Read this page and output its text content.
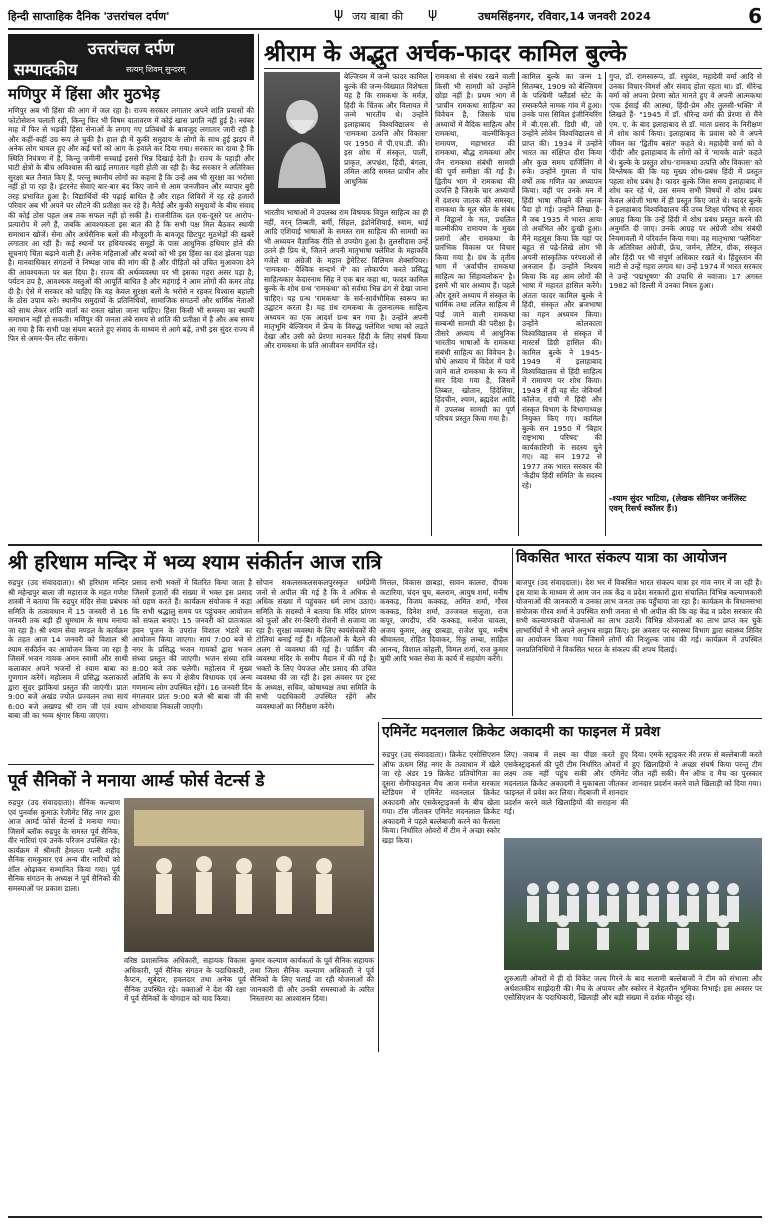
हिन्दी साप्ताहिक दैनिक 'उत्तरांचल दर्पण'	ψ जय बाबा की ψ	उधमसिंहनगर, रविवार,14 जनवरी 2024	6
उत्तरांचल दर्पण
सम्पादकीय	सत्यम् शिवम् सुन्दरम्
मणिपुर में हिंसा और मुठभेड़

मणिपुर अब भी हिंसा की आग में जल रहा है। राज्य सरकार लगातार अपने शांति प्रयासों की फोटोसेशन चलाती रही, किन्तु फिर भी विषम वातावरण में कोई खास प्रगति नहीं हुई है। नवंबर माह में फिर से भड़की हिंसा सेनाओं के लगाए गए प्रतिबंधों के बावजूद लगातार जारी रही है और कहीं-कहीं उग्र रूप ले चुकी है। हाल ही में कुकी समुदाय के लोगों के साथ हुई झड़प में अनेक लोग घायल हुए और कई घरों को आग के हवाले कर दिया गया। सरकार का दावा है कि स्थिति नियंत्रण में है, किन्तु जमीनी सच्चाई इससे भिन्न दिखाई देती है। राज्य के पहाड़ी और घाटी क्षेत्रों के बीच अविश्वास की खाई लगातार गहरी होती जा रही है। केंद्र सरकार ने अतिरिक्त सुरक्षा बल तैनात किए हैं, परन्तु स्थानीय लोगों का कहना है कि उन्हें अब भी सुरक्षा का भरोसा नहीं हो पा रहा है। इंटरनेट सेवाएं बार-बार बंद किए जाने से आम जनजीवन और व्यापार बुरी तरह प्रभावित हुआ है। विद्यार्थियों की पढ़ाई बाधित है और राहत शिविरों में रह रहे हजारों परिवार अब भी अपने घर लौटने की प्रतीक्षा कर रहे हैं। मैतेई और कुकी समुदायों के बीच संवाद की कोई ठोस पहल अब तक सफल नहीं हो सकी है। राजनीतिक दल एक-दूसरे पर आरोप-प्रत्यारोप में लगे हैं, जबकि आवश्यकता इस बात की है कि सभी पक्ष मिल बैठकर स्थायी समाधान खोजें। सेना और अर्धसैनिक बलों की मौजूदगी के बावजूद छिटपुट मुठभेड़ों की खबरें लगातार आ रही हैं। कई स्थानों पर हथियारबंद समूहों के पास आधुनिक हथियार होने की सूचनाएं चिंता बढ़ाने वाली हैं। अनेक महिलाओं और बच्चों को भी इस हिंसा का दंश झेलना पड़ा है। मानवाधिकार संगठनों ने निष्पक्ष जांच की मांग की है और पीड़ितों को उचित मुआवजा देने की आवश्यकता पर बल दिया है। राज्य की अर्थव्यवस्था पर भी इसका गहरा असर पड़ा है; पर्यटन ठप है, आवश्यक वस्तुओं की आपूर्ति बाधित है और महंगाई ने आम लोगों की कमर तोड़ दी है। ऐसे में सरकार को चाहिए कि वह केवल सुरक्षा बलों के भरोसे न रहकर विश्वास बहाली के ठोस उपाय करे। स्थानीय समुदायों के प्रतिनिधियों, सामाजिक संगठनों और धार्मिक नेताओं को साथ लेकर शांति वार्ता का रास्ता खोला जाना चाहिए। हिंसा किसी भी समस्या का स्थायी समाधान नहीं हो सकती। मणिपुर की जनता लंबे समय से शांति की प्रतीक्षा में है और अब समय आ गया है कि सभी पक्ष संयम बरतते हुए संवाद के माध्यम से आगे बढ़ें, तभी इस सुंदर राज्य में फिर से अमन-चैन लौट सकेगा।

श्रीराम के अद्भुत अर्चक-फादर कामिल बुल्के

बेल्जियम में जन्मे फादर कामिल बुल्के की जन्म-विख्यात विशेषता यह है कि रामकथा के मर्मज्ञ, हिंदी के चिंतक और विलायत में जन्मे भारतीय थे। उन्होंने इलाहाबाद विश्वविद्यालय से 'रामकथा उत्पत्ति और विकास' पर 1950 में पी.एच.डी. की। इस शोध में संस्कृत, पाली, प्राकृत, अपभ्रंश, हिंदी, बंगला, तमिल आदि समस्त प्राचीन और आधुनिक

भारतीय भाषाओं में उपलब्ध राम विषयक विपुल साहित्य का ही नहीं, वरन् तिब्बती, बर्मी, सिंहल, इंडोनेशियाई, स्याम, थाई आदि एशियाई भाषाओं के समस्त राम साहित्य की सामग्री का भी अध्ययन वैज्ञानिक रीति से उपयोग हुआ है। तुलसीदास उन्हें उतने ही प्रिय थे, जितने अपनी मातृभाषा फ्लेमिश के महाकवि गजेले या अंग्रेजी के महान ड्रेमेटिस्ट विलियम शेक्सपियर। 'रामकथा- वैश्विक सन्दर्भ में' का लोकार्पण करते प्रसिद्ध साहित्यकार केदारनाथ सिंह ने एक बार कहा था, फादर कामिल बुल्के के शोध ग्रन्थ 'रामकथा' को सर्वथा भिन्न ढंग से देखा जाना चाहिए। यह ग्रन्थ 'रामकथा' के सर्व-सार्वभौमिक स्वरूप का उद्घाटन करता है। यह ग्रंथ रामकथा के तुलनात्मक साहित्य अध्ययन का एक आदर्श ग्रन्थ बन गया है। उन्होंने अपनी मातृभूमि बेल्जियम में फ्रेंच के विरुद्ध फ्लेमिश भाषा को लड़ते देखा और उसी को प्रेरणा मानकर हिंदी के लिए संघर्ष किया और रामकथा के प्रति आजीवन समर्पित रहे।

रामकथा से संबंध रखने वाली किसी भी सामग्री को उन्होंने छोड़ा नहीं है। प्रथम भाग में 'प्राचीन रामकथा साहित्य' का विवेचन है, जिसके पांच अध्यायों में वैदिक साहित्य और रामकथा, वाल्मीकिकृत रामायण, महाभारत की रामकथा, बौद्ध रामकथा और जैन रामकथा संबंधी सामग्री की पूर्ण समीक्षा की गई है। द्वितीय भाग में रामकथा की उत्पत्ति है जिसके चार अध्यायों में दशरथ जातक की समस्या, रामकथा के मूल स्रोत के संबंध में विद्वानों के मत, प्रचलित वाल्मीकीय रामायण के मुख्य प्रसंगों और रामकथा के प्रारंभिक विकास पर विचार किया गया है। ग्रंथ के तृतीय भाग में 'अर्वाचीन रामकथा साहित्य का सिंहावलोकन' है। इसमें भी चार अध्याय हैं। पहले और दूसरे अध्याय में संस्कृत के धार्मिक तथा ललित साहित्य में पाई जाने वाली रामकथा सम्बन्धी सामग्री की परीक्षा है। तीसरे अध्याय में आधुनिक भारतीय भाषाओं के रामकथा संबंधी साहित्य का विवेचन है। चौथे अध्याय में विदेश में पाये जाने वाले रामकथा के रूप में सार दिया गया है, जिसमें तिब्बत, खोतान, हिंदेशिया, हिंदचीन, श्याम, ब्रह्मदेश आदि में उपलब्ध सामग्री का पूर्ण परिचय प्रस्तुत किया गया है।

कामिल बुल्के का जन्म 1 सितम्बर, 1909 को बेल्जियम के पश्चिमी फ्लैंडर्स स्टेट के रम्सकपैले नामक गांव में हुआ। उनके पास सिविल इंजीनियरिंग में बी.एस.सी. डिग्री थी, जो उन्होंने लोवेन विश्वविद्यालय से प्राप्त की। 1934 में उन्होंने भारत का संक्षिप्त दौरा किया और कुछ समय दार्जिलिंग में रुके। उन्होंने गुमला में पांच वर्षों तक गणित का अध्यापन किया। वहीं पर उनके मन में हिंदी भाषा सीखने की ललक पैदा हो गई। उन्होंने लिखा है- मैं जब 1935 में भारत आया तो अचंभित और दुःखी हुआ। मैंने महसूस किया कि यहां पर बहुत से पढ़े-लिखे लोग भी अपनी सांस्कृतिक परंपराओं से अनजान हैं। उन्होंने निश्चय किया कि वह आम लोगों की भाषा में महारत हासिल करेंगे। अंततः फादर कामिल बुल्के ने हिंदी, संस्कृत और ब्रजभाषा का गहन अध्ययन किया। उन्होंने कोलकाता विश्वविद्यालय से संस्कृत में मास्टर्स डिग्री हासिल की। कामिल बुल्के ने 1945-1949 में इलाहाबाद विश्वविद्यालय से हिंदी साहित्य में रामायण पर शोध किया। 1949 में ही वह सेंट जेवियर्स कॉलेज, रांची में हिंदी और संस्कृत विभाग के विभागाध्यक्ष नियुक्त किए गए। कामिल बुल्के सन 1950 में 'बिहार राष्ट्रभाषा परिषद' की कार्यकारिणी के सदस्य चुने गए। वह सन 1972 से 1977 तक भारत सरकार की 'केंद्रीय हिंदी समिति' के सदस्य रहे।

गुप्त, डॉ. रामस्वरूप, डॉ. रघुवंश, महादेवी वर्मा आदि से उनका विचार-विमर्श और संवाद होता रहता था। डॉ. धीरेन्द्र वर्मा को अपना प्रेरणा स्रोत मानते हुए वे अपनी आत्मकथा 'एक ईसाई की आस्था, हिंदी-प्रेम और तुलसी-भक्ति' में लिखते हैं- "1945 में डॉ. धीरेन्द्र वर्मा की प्रेरणा से मैंने एम. ए. के बाद इलाहाबाद से डॉ. माता प्रसाद के निरीक्षण में शोध कार्य किया। इलाहाबाद के प्रवास को वे अपने जीवन का 'द्वितीय बसंत' कहते थे। महादेवी वर्मा को वे 'दीदी' और इलाहाबाद के लोगों को वे 'मायके वाले' कहते थे। बुल्के के प्रस्तुत शोध-'रामकथा उत्पत्ति और विकास' को विश्लेषक की कि यह मुख्य शोध-प्रबंध हिंदी में प्रस्तुत पहला शोध प्रबंध है। फादर बुल्के जिस समय इलाहाबाद में शोध कर रहे थे, उस समय सभी विषयों में शोध प्रबंध केवल अंग्रेजी भाषा में ही प्रस्तुत किए जाते थे। फादर बुल्के ने इलाहाबाद विश्वविद्यालय की उच्च शिक्षा परिषद से सादर आग्रह किया कि उन्हें हिंदी में शोध प्रबंध प्रस्तुत करने की अनुमति दी जाए। उनके आग्रह पर अंग्रेजी शोध संबंधी नियमावली में परिवर्तन किया गया। वह मातृभाषा 'फ्लेमिश' के अतिरिक्त अंग्रेजी, फ्रेंच, जर्मन, लैटिन, ग्रीक, संस्कृत और हिंदी पर भी संपूर्ण अधिकार रखते थे। हिंदुस्तान की माटी से उन्हें गहरा लगाव था। उन्हें 1974 में भारत सरकार ने उन्हें 'पद्मभूषण' की उपाधि से नवाजा। 17 अगस्त 1982 को दिल्ली में उनका निधन हुआ।

-श्याम सुंदर भाटिया, (लेखक सीनियर जर्नलिस्ट एवम् रिसर्च स्कॉलर हैं।)

श्री हरिधाम मन्दिर में भव्य श्याम संकीर्तन आज रात्रि

रुद्रपुर (उद संवाददाता)। श्री हरिधाम मन्दिर श्री महेन्द्रपुर बाला जी महाराज के महंत गणेश शास्त्री ने बताया कि रुद्रपुर मंदिर सेवा प्रबंधक समिति के तत्वावधान में 15 जनवरी से 16 जनवरी तक बड़ी ही धूमधाम के साथ मनाया जा रहा है। श्री श्याम सेवा मण्डल के कार्यक्रम के तहत आज 14 जनवरी को विशाल श्री श्याम संकीर्तन का आयोजन किया जा रहा है जिसमें भजन गायक अमन स्वामी और साथी कलाकार अपने भजनों से श्याम बाबा का गुणगान करेंगे। महोत्सव में प्रसिद्ध कलाकारों द्वारा सुंदर झांकियां प्रस्तुत की जाएंगी। प्रातः 9:00 बजे अखंड ज्योत प्रज्वलन तथा सायं 6:00 बजे अखण्ड श्री राम जी एवं श्याम बाबा जी का भव्य श्रृंगार किया जाएगा।

प्रसाद सभी भक्तों में वितरित किया जाता है जिसमें हजारों की संख्या में भक्त इस प्रसाद को ग्रहण करते हैं। कार्यक्रम संयोजक ने कहा कि सभी श्रद्धालु समय पर पहुंचकर आयोजन को सफल बनाएं। 15 जनवरी को प्रातःकाल हवन पूजन के उपरांत विशाल भंडारे का आयोजन किया जाएगा। सायं 7:00 बजे से नगर के प्रसिद्ध भजन गायकों द्वारा भजन संध्या प्रस्तुत की जाएगी। भजन संध्या रात्रि 8:00 बजे तक चलेगी। महोत्सव में मुख्य अतिथि के रूप में क्षेत्रीय विधायक एवं अन्य गणमान्य लोग उपस्थित रहेंगे। 16 जनवरी दिन मंगलवार प्रातः 9:00 बजे श्री बाबा जी की शोभायात्रा निकाली जाएगी।

सोपान सकलसकलसकलपुरस्कृत धर्मप्रेमी जनों से अपील की गई है कि वे अधिक से अधिक संख्या में पहुंचकर धर्म लाभ उठाएं। समिति के सदस्यों ने बताया कि मंदिर प्रांगण को फूलों और रंग-बिरंगी रोशनी से सजाया जा रहा है। सुरक्षा व्यवस्था के लिए स्वयंसेवकों की टोलियां बनाई गई हैं। महिलाओं के बैठने की अलग से व्यवस्था की गई है। पार्किंग की व्यवस्था मंदिर के समीप मैदान में की गई है। भक्तों के लिए पेयजल और प्रसाद की उचित व्यवस्था की जा रही है। इस अवसर पर ट्रस्ट के अध्यक्ष, सचिव, कोषाध्यक्ष तथा समिति के सभी पदाधिकारी उपस्थित रहेंगे और व्यवस्थाओं का निरीक्षण करेंगे।

मित्तल, विकास छाबड़ा, सावन कालरा, दीपक कटारिया, चंदन चुघ, बलराम, आयुष शर्मा, मनीष कक्कड़, विजय कक्कड़, अमित शर्मा, गौरव कक्कड़, दिनेश शर्मा, उज्जवल सलूजा, राज कपूर, जगदीप, रवि कक्कड़, मनोज चावला, अजय कुमार, अन्नू छाबड़ा, राजेश चुघ, मनीष श्रीवास्तव, रोहित दिवाकर, रिंकू लम्बा, साहिल आनन्द, विशाल कोहली, विमल शर्मा, राज कुमार चुघ़ी आदि भक्त सेवा के कार्य में सहयोग करेंगे।

विकसित भारत संकल्प यात्रा का आयोजन

बाजपुर (उद संवाददाता)। देश भर में विकसित भारत संकल्प यात्रा हर गांव नगर में जा रही है। इस यात्रा के माध्यम से आम जन तक केंद्र व प्रदेश सरकारों द्वारा संचालित विभिन्न कल्याणकारी योजनाओं की जानकारी व उनका लाभ जनता तक पहुँचाया जा रहा है। कार्यक्रम के विधानसभा संयोजक गौरव शर्मा ने उपस्थित सभी जनता से भी अपील की कि वह केंद्र व प्रदेश सरकार की सभी कल्याणकारी योजनाओं का लाभ उठायें। विभिन्न योजनाओं का लाभ प्राप्त कर चुके लाभार्थियों ने भी अपने अनुभव साझा किए। इस अवसर पर स्वास्थ्य विभाग द्वारा स्वास्थ्य शिविर का आयोजन किया गया जिसमें लोगों की निःशुल्क जांच की गई। कार्यक्रम में उपस्थित जनप्रतिनिधियों ने विकसित भारत के संकल्प की शपथ दिलाई।

एमिनेंट मदनलाल क्रिकेट अकादमी का फाइनल में प्रवेश

रुद्रपुर (उद संवाददाता)। क्रिकेट एसोसिएशन ऑफ ऊधम सिंह नगर के तत्वाधान में खेले जा रहे अंडर 19 क्रिकेट प्रतियोगिता का दूसरा सेमीफाइनल मैच आज मनोज सरकार स्टेडियम में एमिनेंट मदनलाल क्रिकेट अकादमी और एसकेस्ट्राइकर्स के बीच खेला गया। टॉस जीतकर एमिनेंट मदनलाल क्रिकेट अकादमी ने पहले बल्लेबाजी करने का फैसला किया। निर्धारित ओवरों में टीम ने अच्छा स्कोर खड़ा किया।

लिए) जवाब में लक्ष्य का पीछा करते हुए एसकेस्ट्राइकर्स की पूरी टीम निर्धारित ओवरों में लक्ष्य तक नहीं पहुंच सकी और एमिनेंट मदनलाल क्रिकेट अकादमी ने मुकाबला जीतकर फाइनल में प्रवेश कर लिया। गेंदबाजी में शानदार प्रदर्शन करने वाले खिलाड़ियों की सराहना की गई।

दिया। एमके स्ट्राइकर की तरफ से बल्लेबाजी करते हुए खिलाड़ियों ने अच्छा संघर्ष किया परन्तु टीम जीत नहीं सकी। मैन ऑफ द मैच का पुरस्कार शानदार प्रदर्शन करने वाले खिलाड़ी को दिया गया।

शुरुआती ओवरों में ही दो विकेट जल्द गिरने के बाद सलामी बल्लेबाजों ने टीम को संभाला और अर्धशतकीय साझेदारी की। मैच के अंपायर और स्कोरर ने बेहतरीन भूमिका निभाई। इस अवसर पर एसोसिएशन के पदाधिकारी, खिलाड़ी और बड़ी संख्या में दर्शक मौजूद रहे।

पूर्व सैनिकों ने मनाया आर्म्ड फोर्स वेटर्न्स डे

रुद्रपुर (उद संवाददाता)। सैनिक कल्याण एवं पुनर्वास कुमाऊं रेजीमेंट सिंह नगर द्वारा आज आर्म्ड फोर्स वेटर्न्स डे मनाया गया। जिसमें ब्लॉक रुद्रपुर के समस्त पूर्व सैनिक, वीर नारियां एवं उनके परिजन उपस्थित रहे। कार्यक्रम में श्रीमती हेमलता पत्नी शहीद सैनिक रामकुमार एवं अन्य वीर नारियों को शॉल ओढ़ाकर सम्मानित किया गया। पूर्व सैनिक संगठन के अध्यक्ष ने पूर्व सैनिकों की समस्याओं पर प्रकाश डाला।

वरिष्ठ प्रशासनिक अधिकारी, सहायक विकास अधिकारी, पूर्व सैनिक संगठन के पदाधिकारी, कैप्टन, सूबेदार, हवलदार तथा अनेक पूर्व सैनिक उपस्थित रहे। वक्ताओं ने देश की रक्षा में पूर्व सैनिकों के योगदान को याद किया।

कुमार कल्याण कार्यकर्ता के पूर्व सैनिक सहायक तथा जिला सैनिक कल्याण अधिकारी ने पूर्व सैनिकों के लिए चलाई जा रही योजनाओं की जानकारी दी और उनकी समस्याओं के त्वरित निस्तारण का आश्वासन दिया।
